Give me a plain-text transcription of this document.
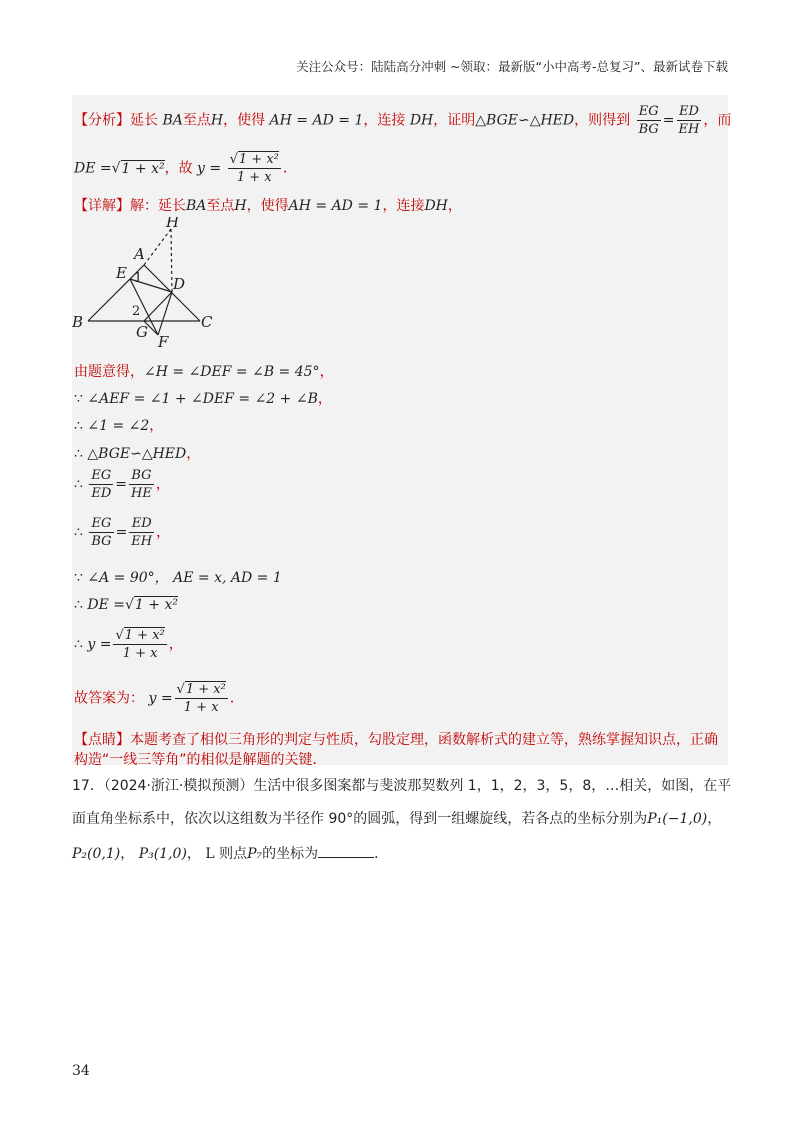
关注公众号：陆陆高分冲刺 ~领取：最新版“小中高考-总复习”、最新试卷下载
【分析】延长 BA至点H，使得 AH = AD = 1，连接 DH，证明△BGE∽△HED，则得到 $\frac{EG}{BG} = \frac{ED}{EH}$ ，而
DE =√1 + x²，故 $y = \frac{\text{√1 + x²}}{1 + x}$ ．
【详解】解：延长BA至点H，使得AH = AD = 1，连接DH，
H
A
E 1 D
B
2
G
C
F
由题意得，∠H = ∠DEF = ∠B = 45°，
∵ ∠AEF = ∠1 + ∠DEF = ∠2 + ∠B，
∴ ∠1 = ∠2，
∴ △BGE∽△HED，
∴ $\frac{EG}{ED} = \frac{BG}{HE}$ ，
∴ $\frac{EG}{BG} = \frac{ED}{EH}$ ，
∵ ∠A = 90°， AE = x, AD = 1
∴ DE =√1 + x²
∴ $y = \frac{\text{√1 + x²}}{1 + x}$ ，
故答案为： $y = \frac{\text{√1 + x²}}{1 + x}$ ．
【点睛】本题考查了相似三角形的判定与性质，勾股定理，函数解析式的建立等，熟练掌握知识点，正确
构造“一线三等角”的相似是解题的关键．
17．（2024·浙江·模拟预测）生活中很多图案都与斐波那契数列 1，1，2，3，5，8，…相关，如图，在平
面直角坐标系中，依次以这组数为半径作 90°的圆弧，得到一组螺旋线，若各点的坐标分别为P₁(−1,0)，
P₂(0,1)， P₃(1,0)， L 则点P₇的坐标为	．
34
